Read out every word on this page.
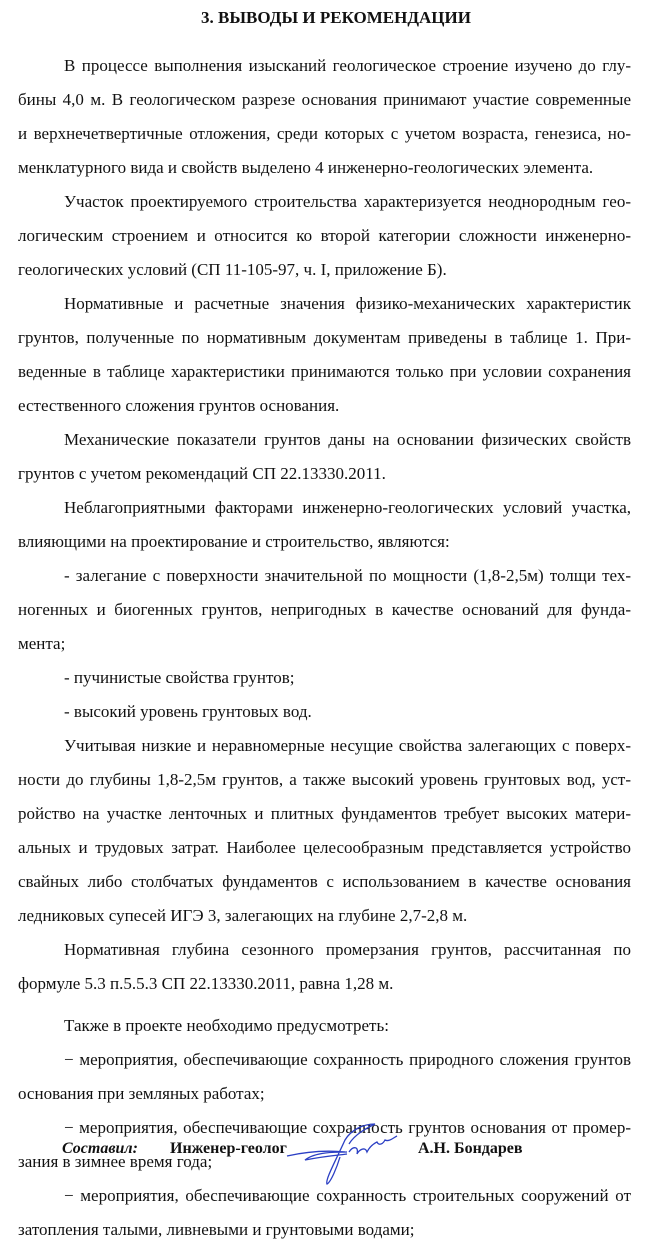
3. ВЫВОДЫ И РЕКОМЕНДАЦИИ
В процессе выполнения изысканий геологическое строение изучено до глу-
бины 4,0 м. В геологическом разрезе основания принимают участие современные
и верхнечетвертичные отложения, среди которых с учетом возраста, генезиса, но-
менклатурного вида и свойств выделено 4 инженерно-геологических элемента.
Участок проектируемого строительства характеризуется неоднородным гео-
логическим строением и относится ко второй категории сложности инженерно-
геологических условий (СП 11-105-97, ч. I, приложение Б).
Нормативные и расчетные значения физико-механических характеристик
грунтов, полученные по нормативным документам приведены в таблице 1. При-
веденные в таблице характеристики принимаются только при условии сохранения
естественного сложения грунтов основания.
Механические показатели грунтов даны на основании физических свойств
грунтов с учетом рекомендаций СП 22.13330.2011.
Неблагоприятными факторами инженерно-геологических условий участка,
влияющими на проектирование и строительство, являются:
- залегание с поверхности значительной по мощности (1,8-2,5м) толщи тех-
ногенных и биогенных грунтов, непригодных в качестве оснований для фунда-
мента;
- пучинистые свойства грунтов;
- высокий уровень грунтовых вод.
Учитывая низкие и неравномерные несущие свойства залегающих с поверх-
ности до глубины 1,8-2,5м грунтов, а также высокий уровень грунтовых вод, уст-
ройство на участке ленточных и плитных фундаментов требует высоких матери-
альных и трудовых затрат. Наиболее целесообразным представляется устройство
свайных либо столбчатых фундаментов с использованием в качестве основания
ледниковых супесей ИГЭ 3, залегающих на глубине 2,7-2,8 м.
Нормативная глубина сезонного промерзания грунтов, рассчитанная по
формуле 5.3 п.5.5.3 СП 22.13330.2011, равна 1,28 м.
Также в проекте необходимо предусмотреть:
− мероприятия, обеспечивающие сохранность природного сложения грунтов
основания при земляных работах;
− мероприятия, обеспечивающие сохранность грунтов основания от промер-
зания в зимнее время года;
− мероприятия, обеспечивающие сохранность строительных сооружений от
затопления талыми, ливневыми и грунтовыми водами;
Составил: Инженер-геолог	А.Н. Бондарев
